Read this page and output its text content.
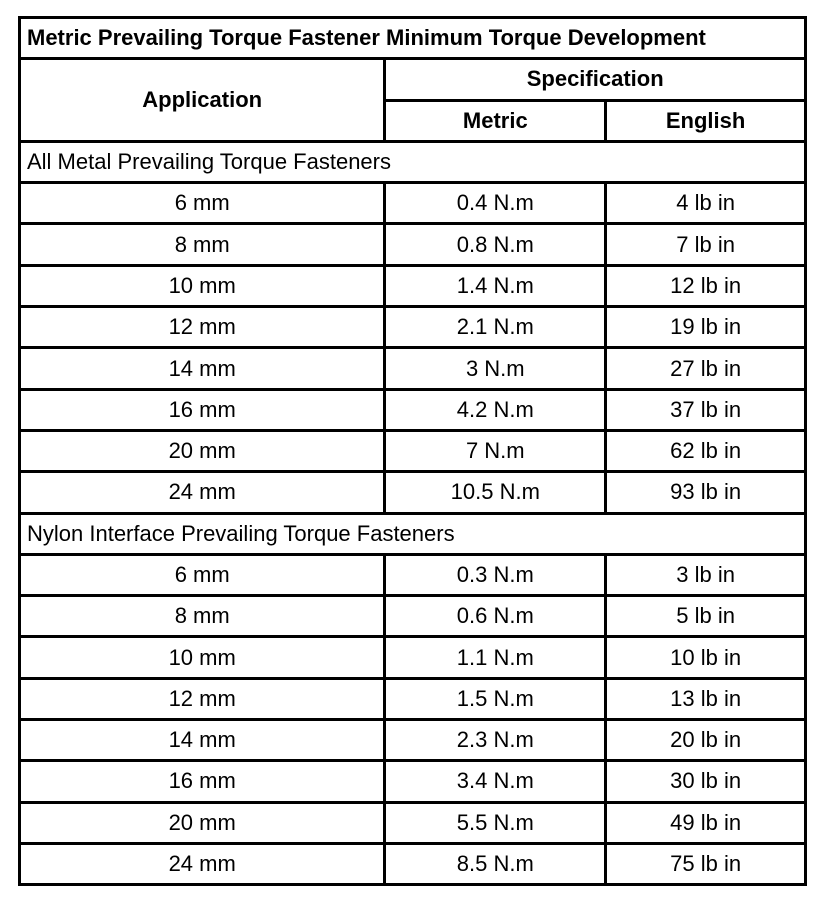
Metric Prevailing Torque Fastener Minimum Torque Development		
Application	Specification	
	Metric	English
All Metal Prevailing Torque Fasteners		
6 mm	0.4 N.m	4 lb in
8 mm	0.8 N.m	7 lb in
10 mm	1.4 N.m	12 lb in
12 mm	2.1 N.m	19 lb in
14 mm	3 N.m	27 lb in
16 mm	4.2 N.m	37 lb in
20 mm	7 N.m	62 lb in
24 mm	10.5 N.m	93 lb in
Nylon Interface Prevailing Torque Fasteners		
6 mm	0.3 N.m	3 lb in
8 mm	0.6 N.m	5 lb in
10 mm	1.1 N.m	10 lb in
12 mm	1.5 N.m	13 lb in
14 mm	2.3 N.m	20 lb in
16 mm	3.4 N.m	30 lb in
20 mm	5.5 N.m	49 lb in
24 mm	8.5 N.m	75 lb in
